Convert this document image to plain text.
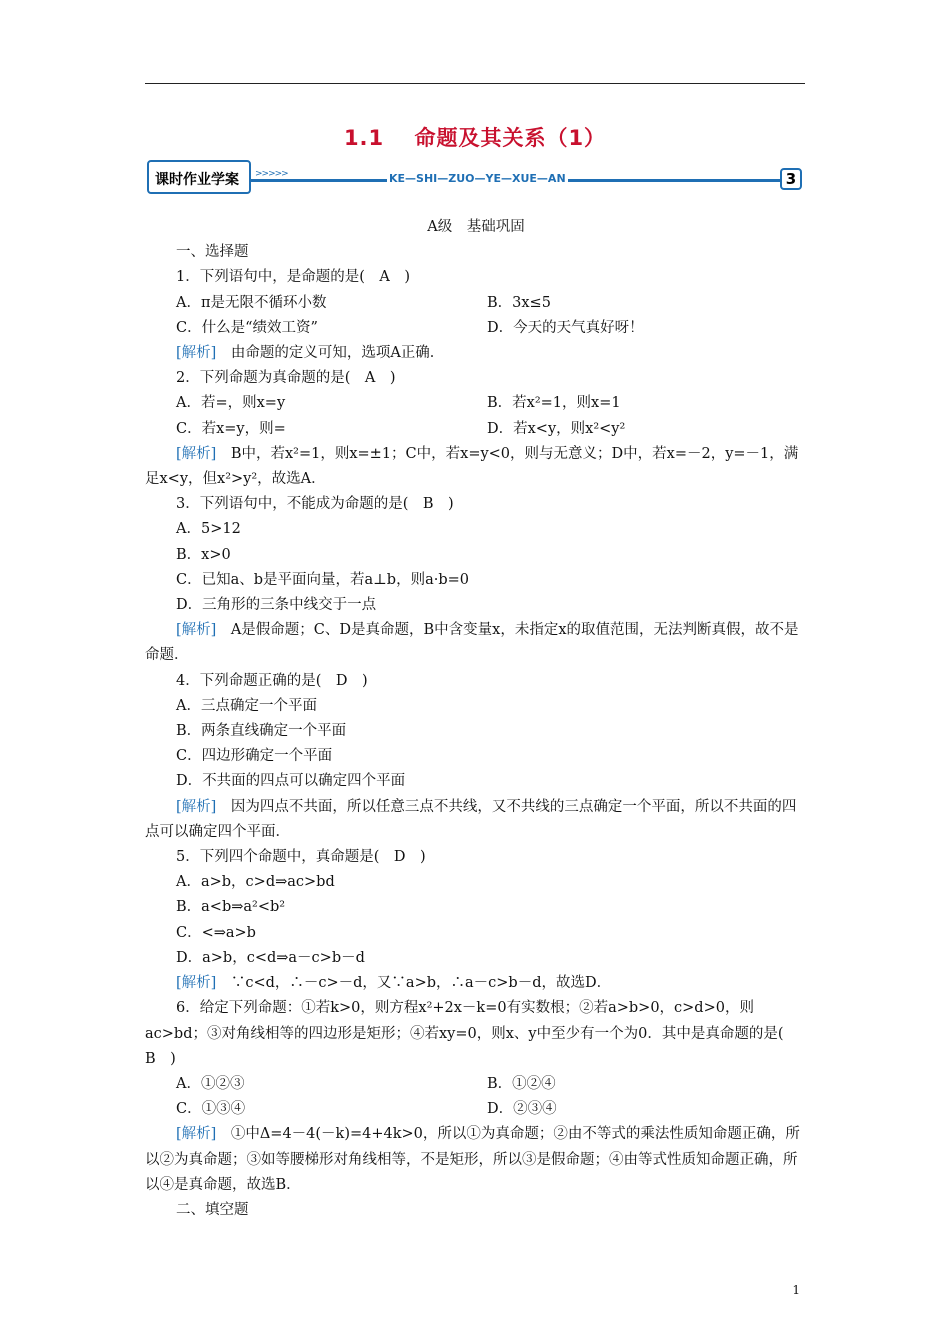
1.1　 命题及其关系（1）
课时作业学案 >>>>>	KE—SHI—ZUO—YE—XUE—AN	3

A级　基础巩固

一、选择题

1．下列语句中，是命题的是(　A　)

A．π是无限不循环小数	B．3x≤5
C．什么是“绩效工资”	D．今天的天气真好呀！

[解析]　由命题的定义可知，选项A正确．

2．下列命题为真命题的是(　A　)

A．若=，则x=y	B．若x²=1，则x=1
C．若x=y，则=	D．若x<y，则x²<y²

[解析]　B中，若x²=1，则x=±1；C中，若x=y<0，则与无意义；D中，若x=－2，y=－1，满足x<y，但x²>y²，故选A．

3．下列语句中，不能成为命题的是(　B　)

A．5>12

B．x>0

C．已知a、b是平面向量，若a⊥b，则a·b=0

D．三角形的三条中线交于一点

[解析]　A是假命题；C、D是真命题，B中含变量x，未指定x的取值范围，无法判断真假，故不是命题．

4．下列命题正确的是(　D　)

A．三点确定一个平面

B．两条直线确定一个平面

C．四边形确定一个平面

D．不共面的四点可以确定四个平面

[解析]　因为四点不共面，所以任意三点不共线，又不共线的三点确定一个平面，所以不共面的四点可以确定四个平面．

5．下列四个命题中，真命题是(　D　)

A．a>b，c>d⇒ac>bd

B．a<b⇒a²<b²

C．<⇒a>b

D．a>b，c<d⇒a－c>b－d

[解析]　∵c<d，∴－c>－d，又∵a>b，∴a－c>b－d，故选D．

6．给定下列命题：①若k>0，则方程x²+2x－k=0有实数根；②若a>b>0，c>d>0，则ac>bd；③对角线相等的四边形是矩形；④若xy=0，则x、y中至少有一个为0．其中是真命题的是(　B　)

A．①②③	B．①②④
C．①③④	D．②③④

[解析]　①中Δ=4－4(－k)=4+4k>0，所以①为真命题；②由不等式的乘法性质知命题正确，所以②为真命题；③如等腰梯形对角线相等，不是矩形，所以③是假命题；④由等式性质知命题正确，所以④是真命题，故选B．

二、填空题

1
